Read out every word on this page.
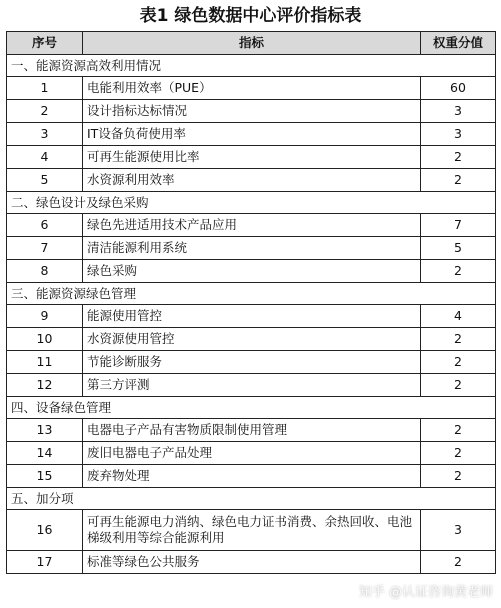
表1 绿色数据中心评价指标表
序号	指标	权重分值
一、能源资源高效利用情况		
1	电能利用效率（PUE）	60
2	设计指标达标情况	3
3	IT设备负荷使用率	3
4	可再生能源使用比率	2
5	水资源利用效率	2
二、绿色设计及绿色采购		
6	绿色先进适用技术产品应用	7
7	清洁能源利用系统	5
8	绿色采购	2
三、能源资源绿色管理		
9	能源使用管控	4
10	水资源使用管控	2
11	节能诊断服务	2
12	第三方评测	2
四、设备绿色管理		
13	电器电子产品有害物质限制使用管理	2
14	废旧电器电子产品处理	2
15	废弃物处理	2
五、加分项		
16	可再生能源电力消纳、绿色电力证书消费、余热回收、电池梯级利用等综合能源利用	3
17	标准等绿色公共服务	2
知乎 @认证咨询黄老师
